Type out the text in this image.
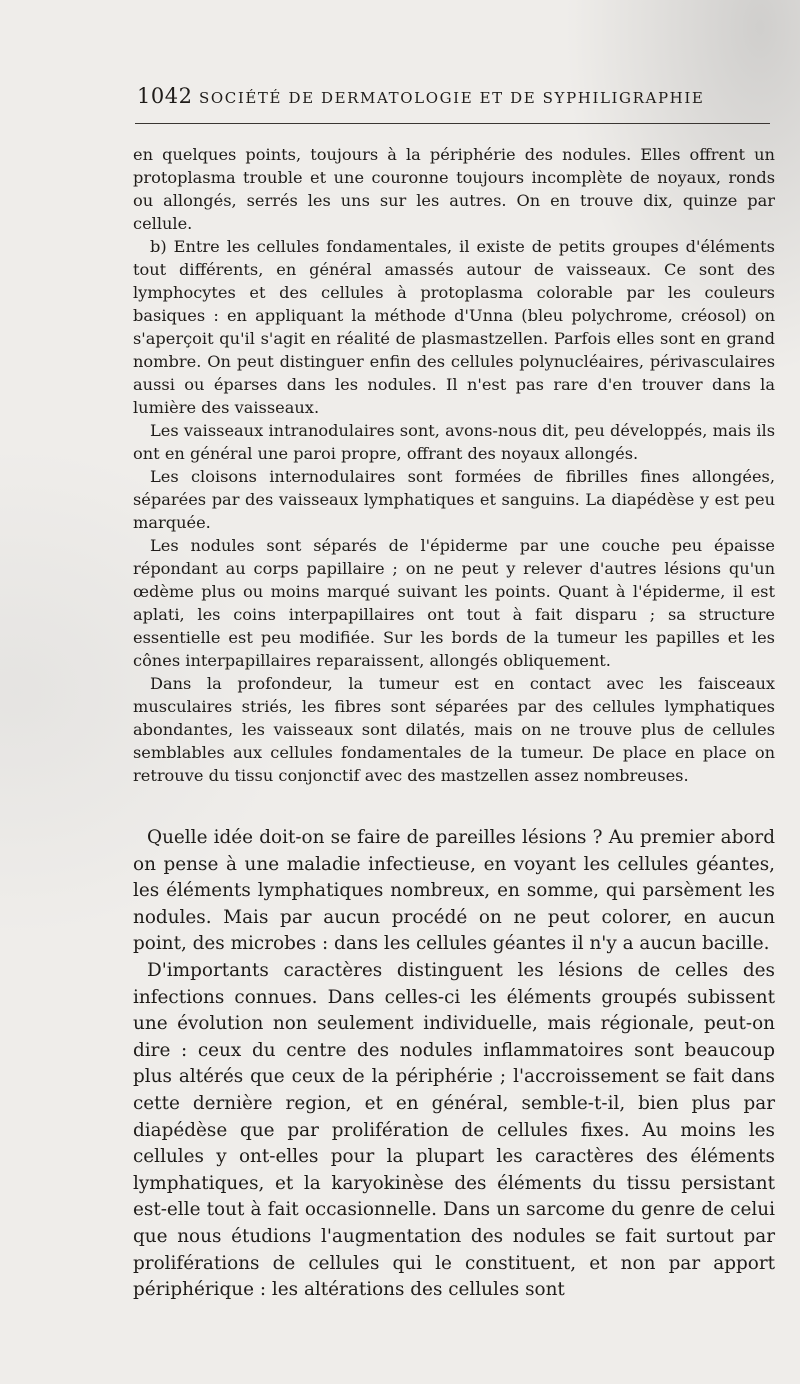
1042 SOCIÉTÉ DE DERMATOLOGIE ET DE SYPHILIGRAPHIE

en quelques points, toujours à la périphérie des nodules. Elles offrent un protoplasma trouble et une couronne toujours incomplète de noyaux, ronds ou allongés, serrés les uns sur les autres. On en trouve dix, quinze par cellule.

b) Entre les cellules fondamentales, il existe de petits groupes d'éléments tout différents, en général amassés autour de vaisseaux. Ce sont des lymphocytes et des cellules à protoplasma colorable par les couleurs basiques : en appliquant la méthode d'Unna (bleu polychrome, créosol) on s'aperçoit qu'il s'agit en réalité de plasmastzellen. Parfois elles sont en grand nombre. On peut distinguer enfin des cellules polynucléaires, périvasculaires aussi ou éparses dans les nodules. Il n'est pas rare d'en trouver dans la lumière des vaisseaux.

Les vaisseaux intranodulaires sont, avons-nous dit, peu développés, mais ils ont en général une paroi propre, offrant des noyaux allongés.

Les cloisons internodulaires sont formées de fibrilles fines allongées, séparées par des vaisseaux lymphatiques et sanguins. La diapédèse y est peu marquée.

Les nodules sont séparés de l'épiderme par une couche peu épaisse répondant au corps papillaire ; on ne peut y relever d'autres lésions qu'un œdème plus ou moins marqué suivant les points. Quant à l'épiderme, il est aplati, les coins interpapillaires ont tout à fait disparu ; sa structure essentielle est peu modifiée. Sur les bords de la tumeur les papilles et les cônes interpapillaires reparaissent, allongés obliquement.

Dans la profondeur, la tumeur est en contact avec les faisceaux musculaires striés, les fibres sont séparées par des cellules lymphatiques abondantes, les vaisseaux sont dilatés, mais on ne trouve plus de cellules semblables aux cellules fondamentales de la tumeur. De place en place on retrouve du tissu conjonctif avec des mastzellen assez nombreuses.

Quelle idée doit-on se faire de pareilles lésions ? Au premier abord on pense à une maladie infectieuse, en voyant les cellules géantes, les éléments lymphatiques nombreux, en somme, qui parsèment les nodules. Mais par aucun procédé on ne peut colorer, en aucun point, des microbes : dans les cellules géantes il n'y a aucun bacille.

D'importants caractères distinguent les lésions de celles des infections connues. Dans celles-ci les éléments groupés subissent une évolution non seulement individuelle, mais régionale, peut-on dire : ceux du centre des nodules inflammatoires sont beaucoup plus altérés que ceux de la périphérie ; l'accroissement se fait dans cette dernière region, et en général, semble-t-il, bien plus par diapédèse que par prolifération de cellules fixes. Au moins les cellules y ont-elles pour la plupart les caractères des éléments lymphatiques, et la karyokinèse des éléments du tissu persistant est-elle tout à fait occasionnelle. Dans un sarcome du genre de celui que nous étudions l'augmentation des nodules se fait surtout par proliférations de cellules qui le constituent, et non par apport périphérique : les altérations des cellules sont
